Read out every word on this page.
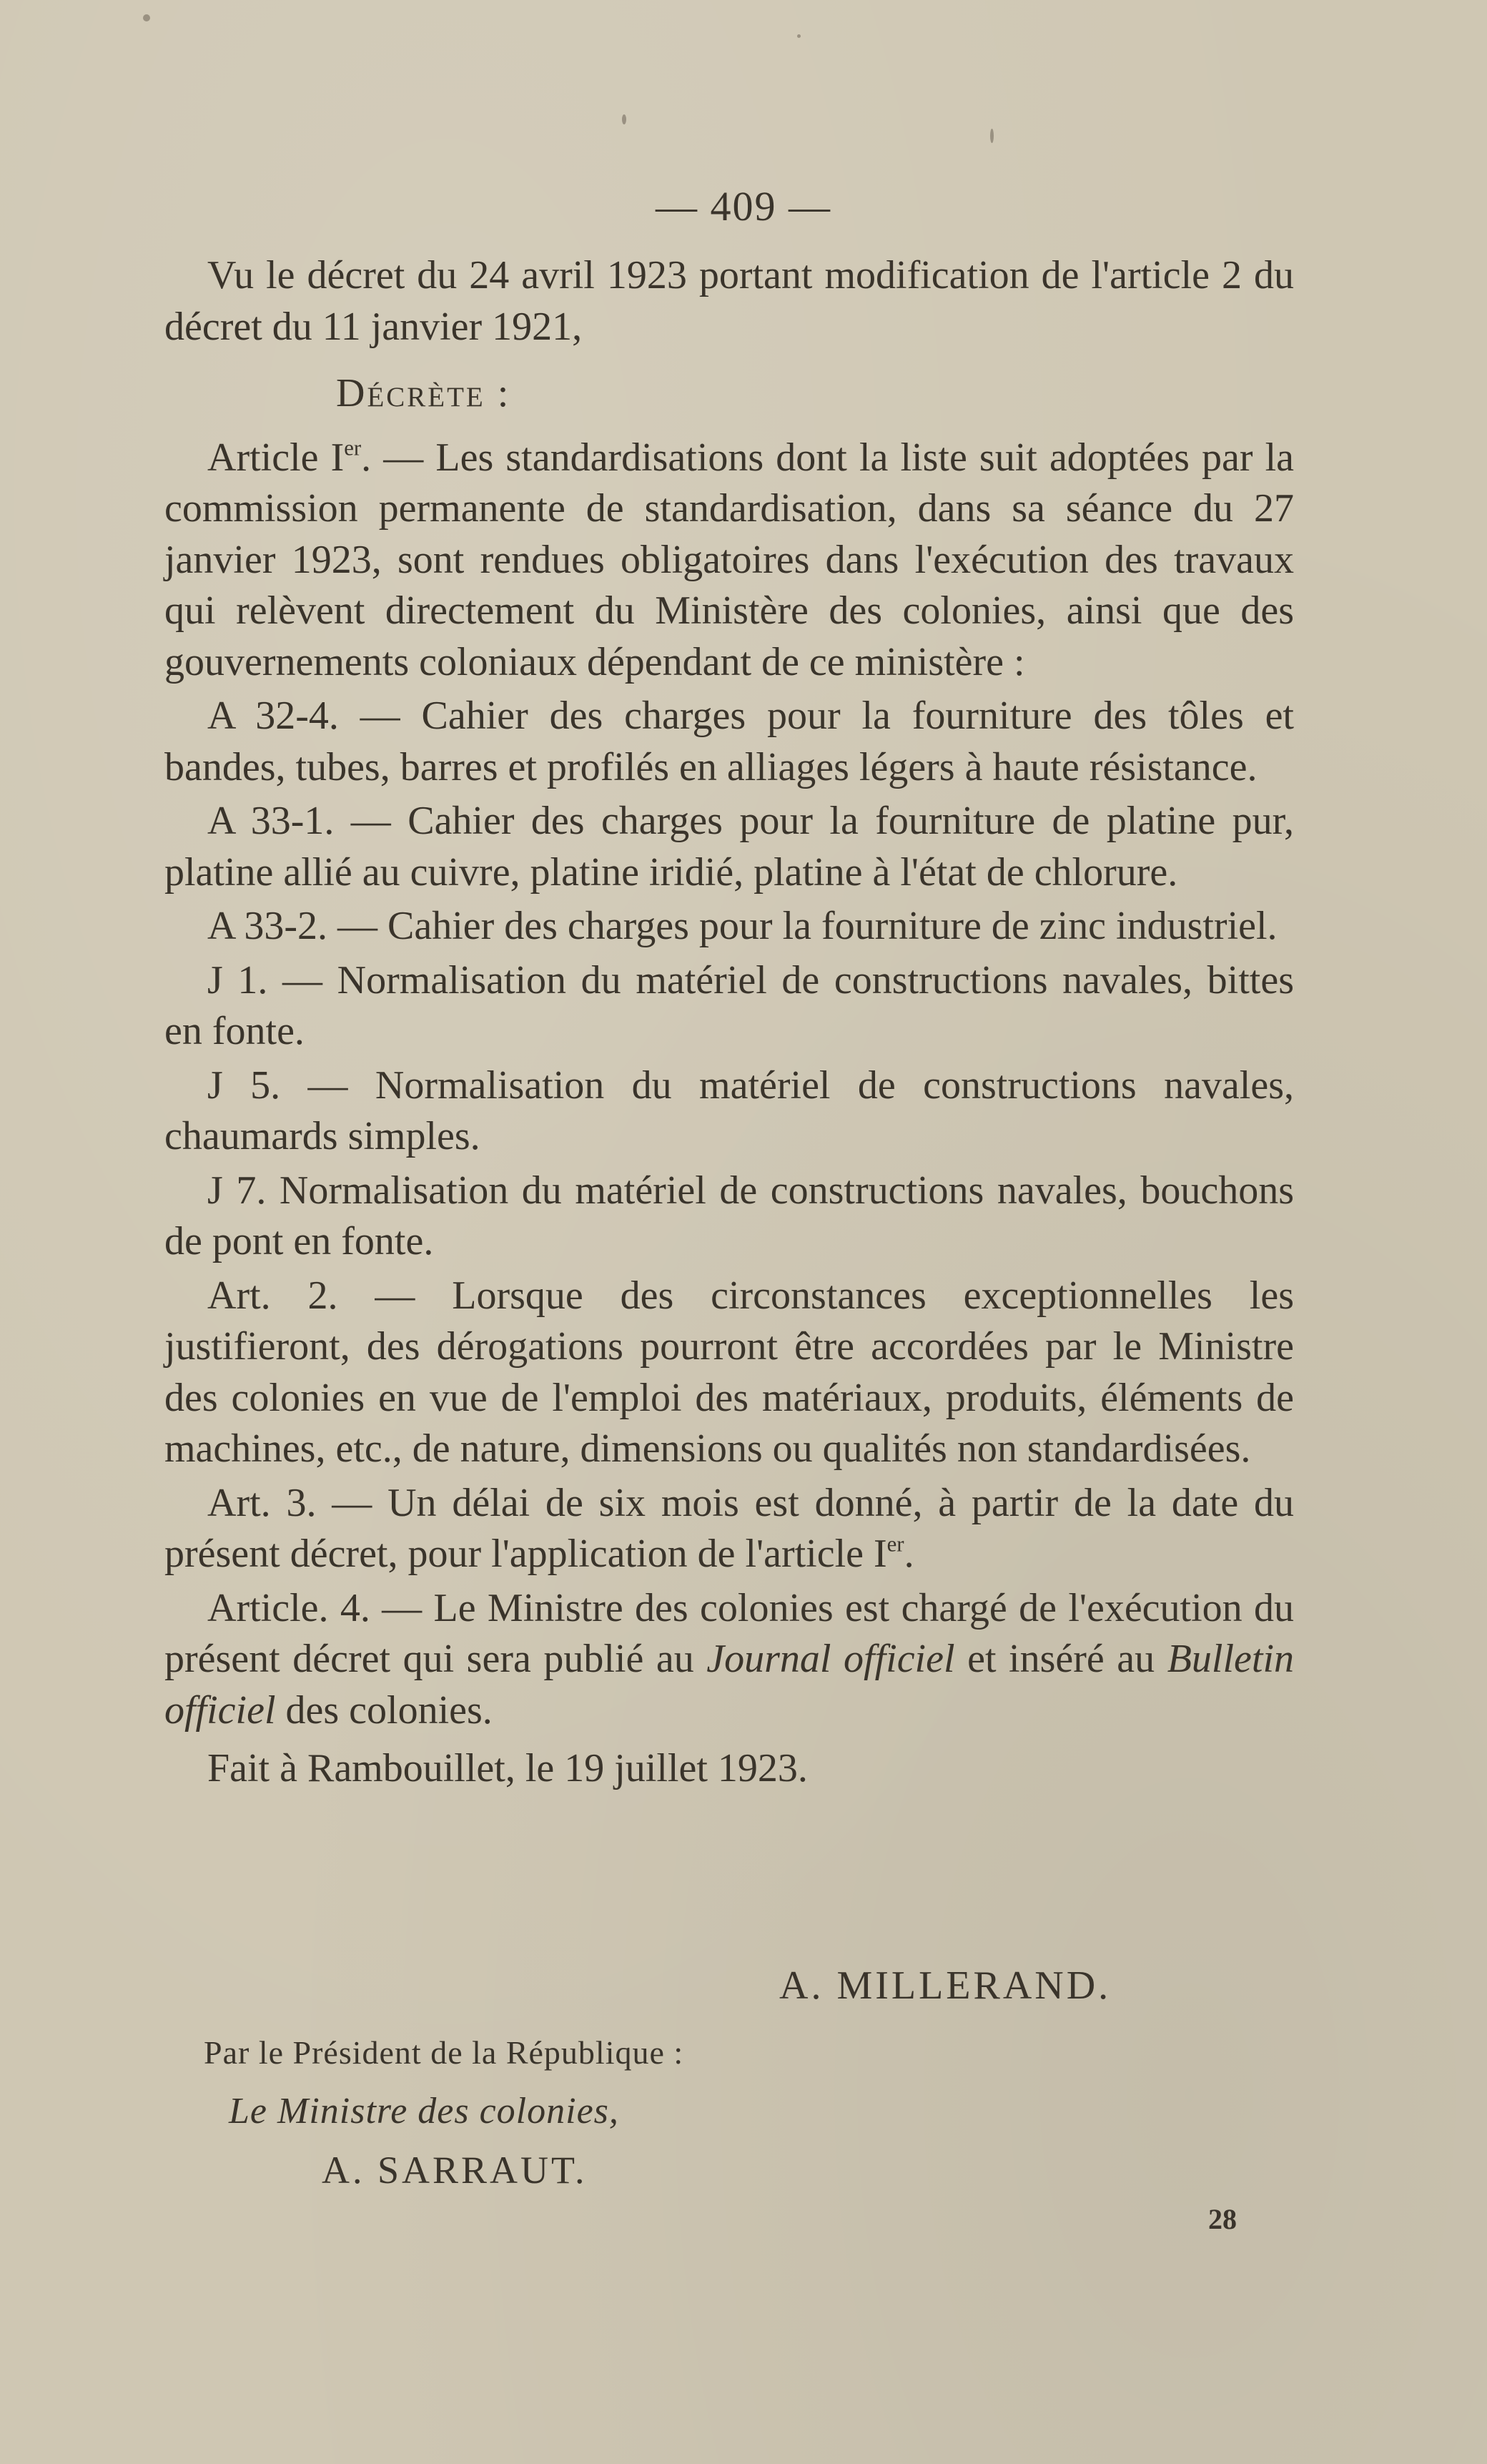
— 409 —

Vu le décret du 24 avril 1923 portant modification de l'article 2 du décret du 11 janvier 1921,

Décrète :

Article Ier. — Les standardisations dont la liste suit adoptées par la commission permanente de standardisation, dans sa séance du 27 janvier 1923, sont rendues obligatoires dans l'exécution des travaux qui relèvent directement du Ministère des colonies, ainsi que des gouvernements coloniaux dépendant de ce ministère :

A 32-4. — Cahier des charges pour la fourniture des tôles et bandes, tubes, barres et profilés en alliages légers à haute résistance.

A 33-1. — Cahier des charges pour la fourniture de platine pur, platine allié au cuivre, platine iridié, platine à l'état de chlorure.

A 33-2. — Cahier des charges pour la fourniture de zinc industriel.

J 1. — Normalisation du matériel de constructions navales, bittes en fonte.

J 5. — Normalisation du matériel de constructions navales, chaumards simples.

J 7. Normalisation du matériel de constructions navales, bouchons de pont en fonte.

Art. 2. — Lorsque des circonstances exceptionnelles les justifieront, des dérogations pourront être accordées par le Ministre des colonies en vue de l'emploi des matériaux, produits, éléments de machines, etc., de nature, dimensions ou qualités non standardisées.

Art. 3. — Un délai de six mois est donné, à partir de la date du présent décret, pour l'application de l'article Ier.

Article. 4. — Le Ministre des colonies est chargé de l'exécution du présent décret qui sera publié au Journal officiel et inséré au Bulletin officiel des colonies.

Fait à Rambouillet, le 19 juillet 1923.

A. MILLERAND.
Par le Président de la République :
Le Ministre des colonies,
A. SARRAUT.
28
